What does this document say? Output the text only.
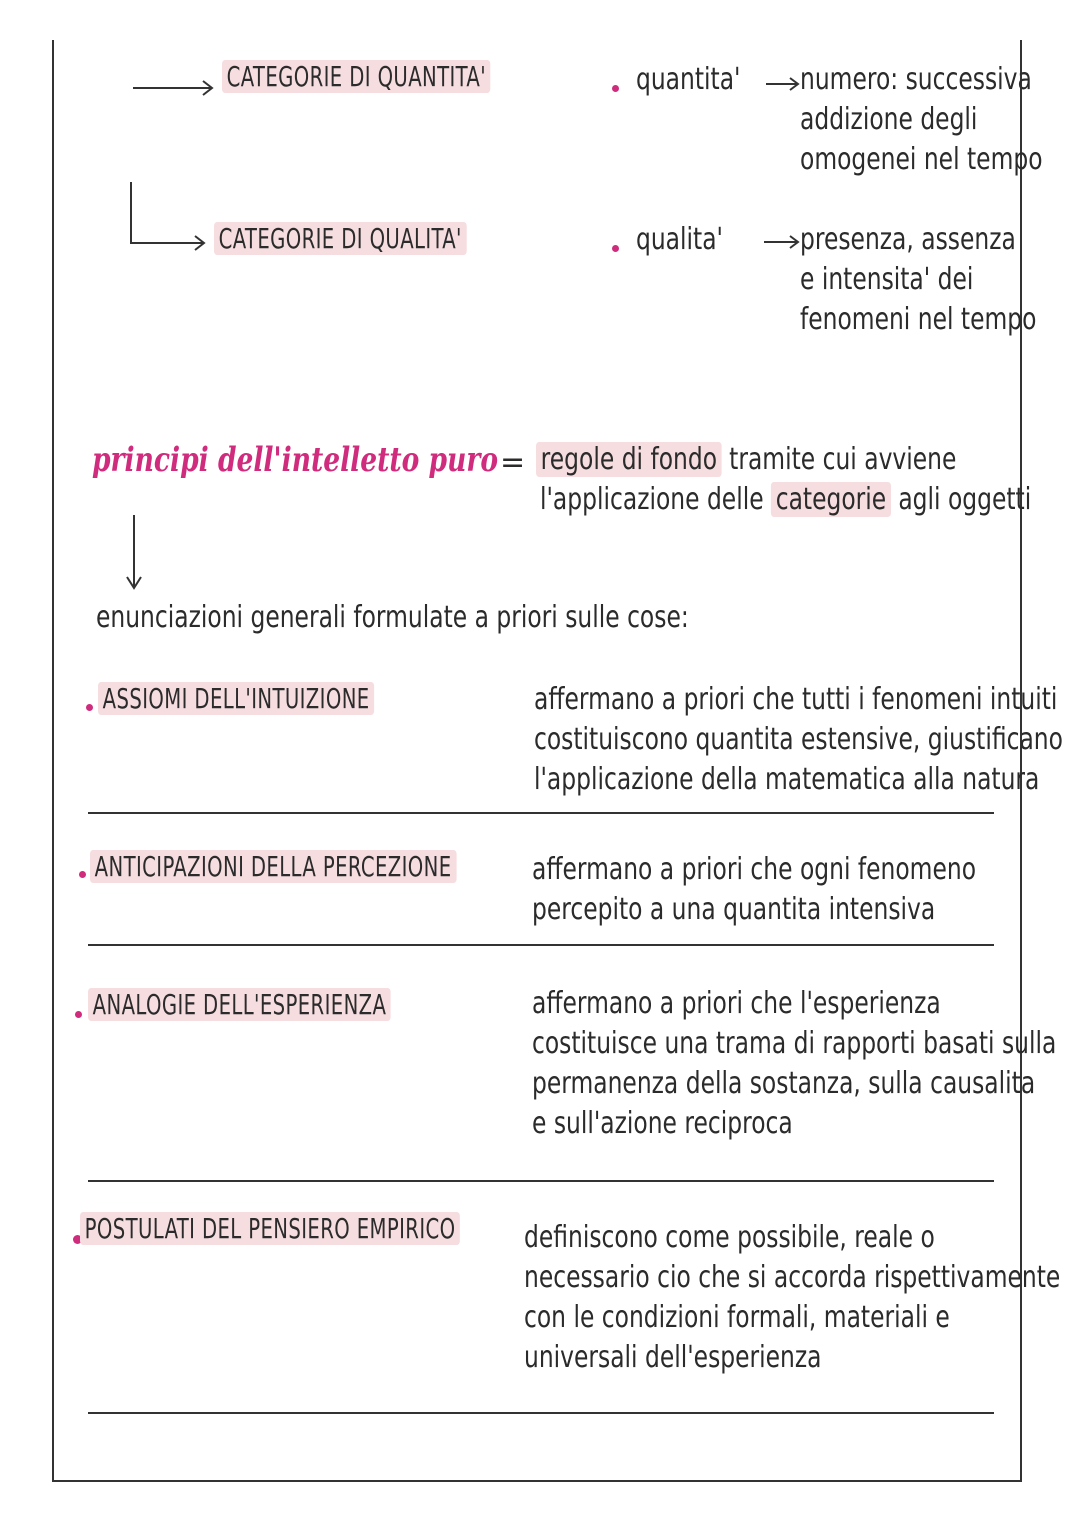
CATEGORIE DI QUANTITA'
CATEGORIE DI QUALITA'
quantita' numero: successiva
addizione degli
omogenei nel tempo
qualita'	presenza, assenza
e intensita' dei
fenomeni nel tempo
principi dell'intelletto puro = regole di fondo tramite cui avviene
l'applicazione delle categorie agli oggetti
enunciazioni generali formulate a priori sulle cose:
ASSIOMI DELL'INTUIZIONE	affermano a priori che tutti i fenomeni intuiti
costituiscono quantita estensive, giustificano
l'applicazione della matematica alla natura
ANTICIPAZIONI DELLA PERCEZIONE	affermano a priori che ogni fenomeno
percepito a una quantita intensiva
ANALOGIE DELL'ESPERIENZA	affermano a priori che l'esperienza
costituisce una trama di rapporti basati sulla
permanenza della sostanza, sulla causalita
e sull'azione reciproca
POSTULATI DEL PENSIERO EMPIRICO definiscono come possibile, reale o
necessario cio che si accorda rispettivamente
con le condizioni formali, materiali e
universali dell'esperienza
